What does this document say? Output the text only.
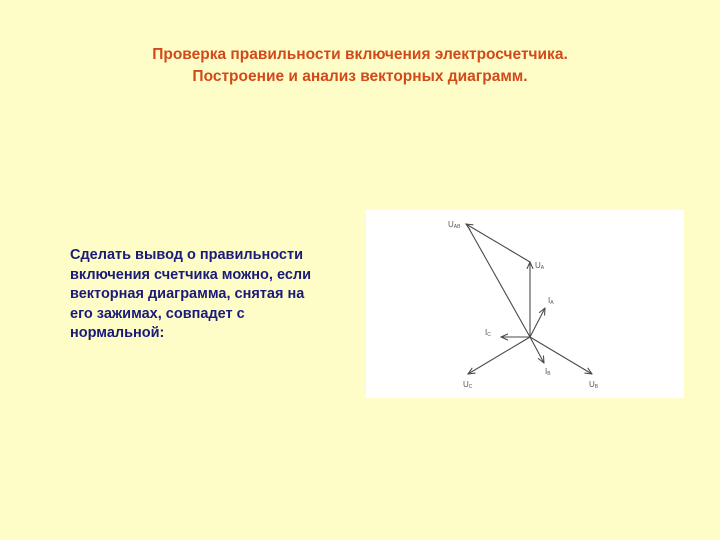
Проверка правильности включения электросчетчика.
Построение и анализ векторных диаграмм.
Сделать вывод о правильности
включения счетчика можно, если
векторная диаграмма, снятая на
его зажимах, совпадет с
нормальной:
UAB
UA
IA
IC
IB
UC	UB
